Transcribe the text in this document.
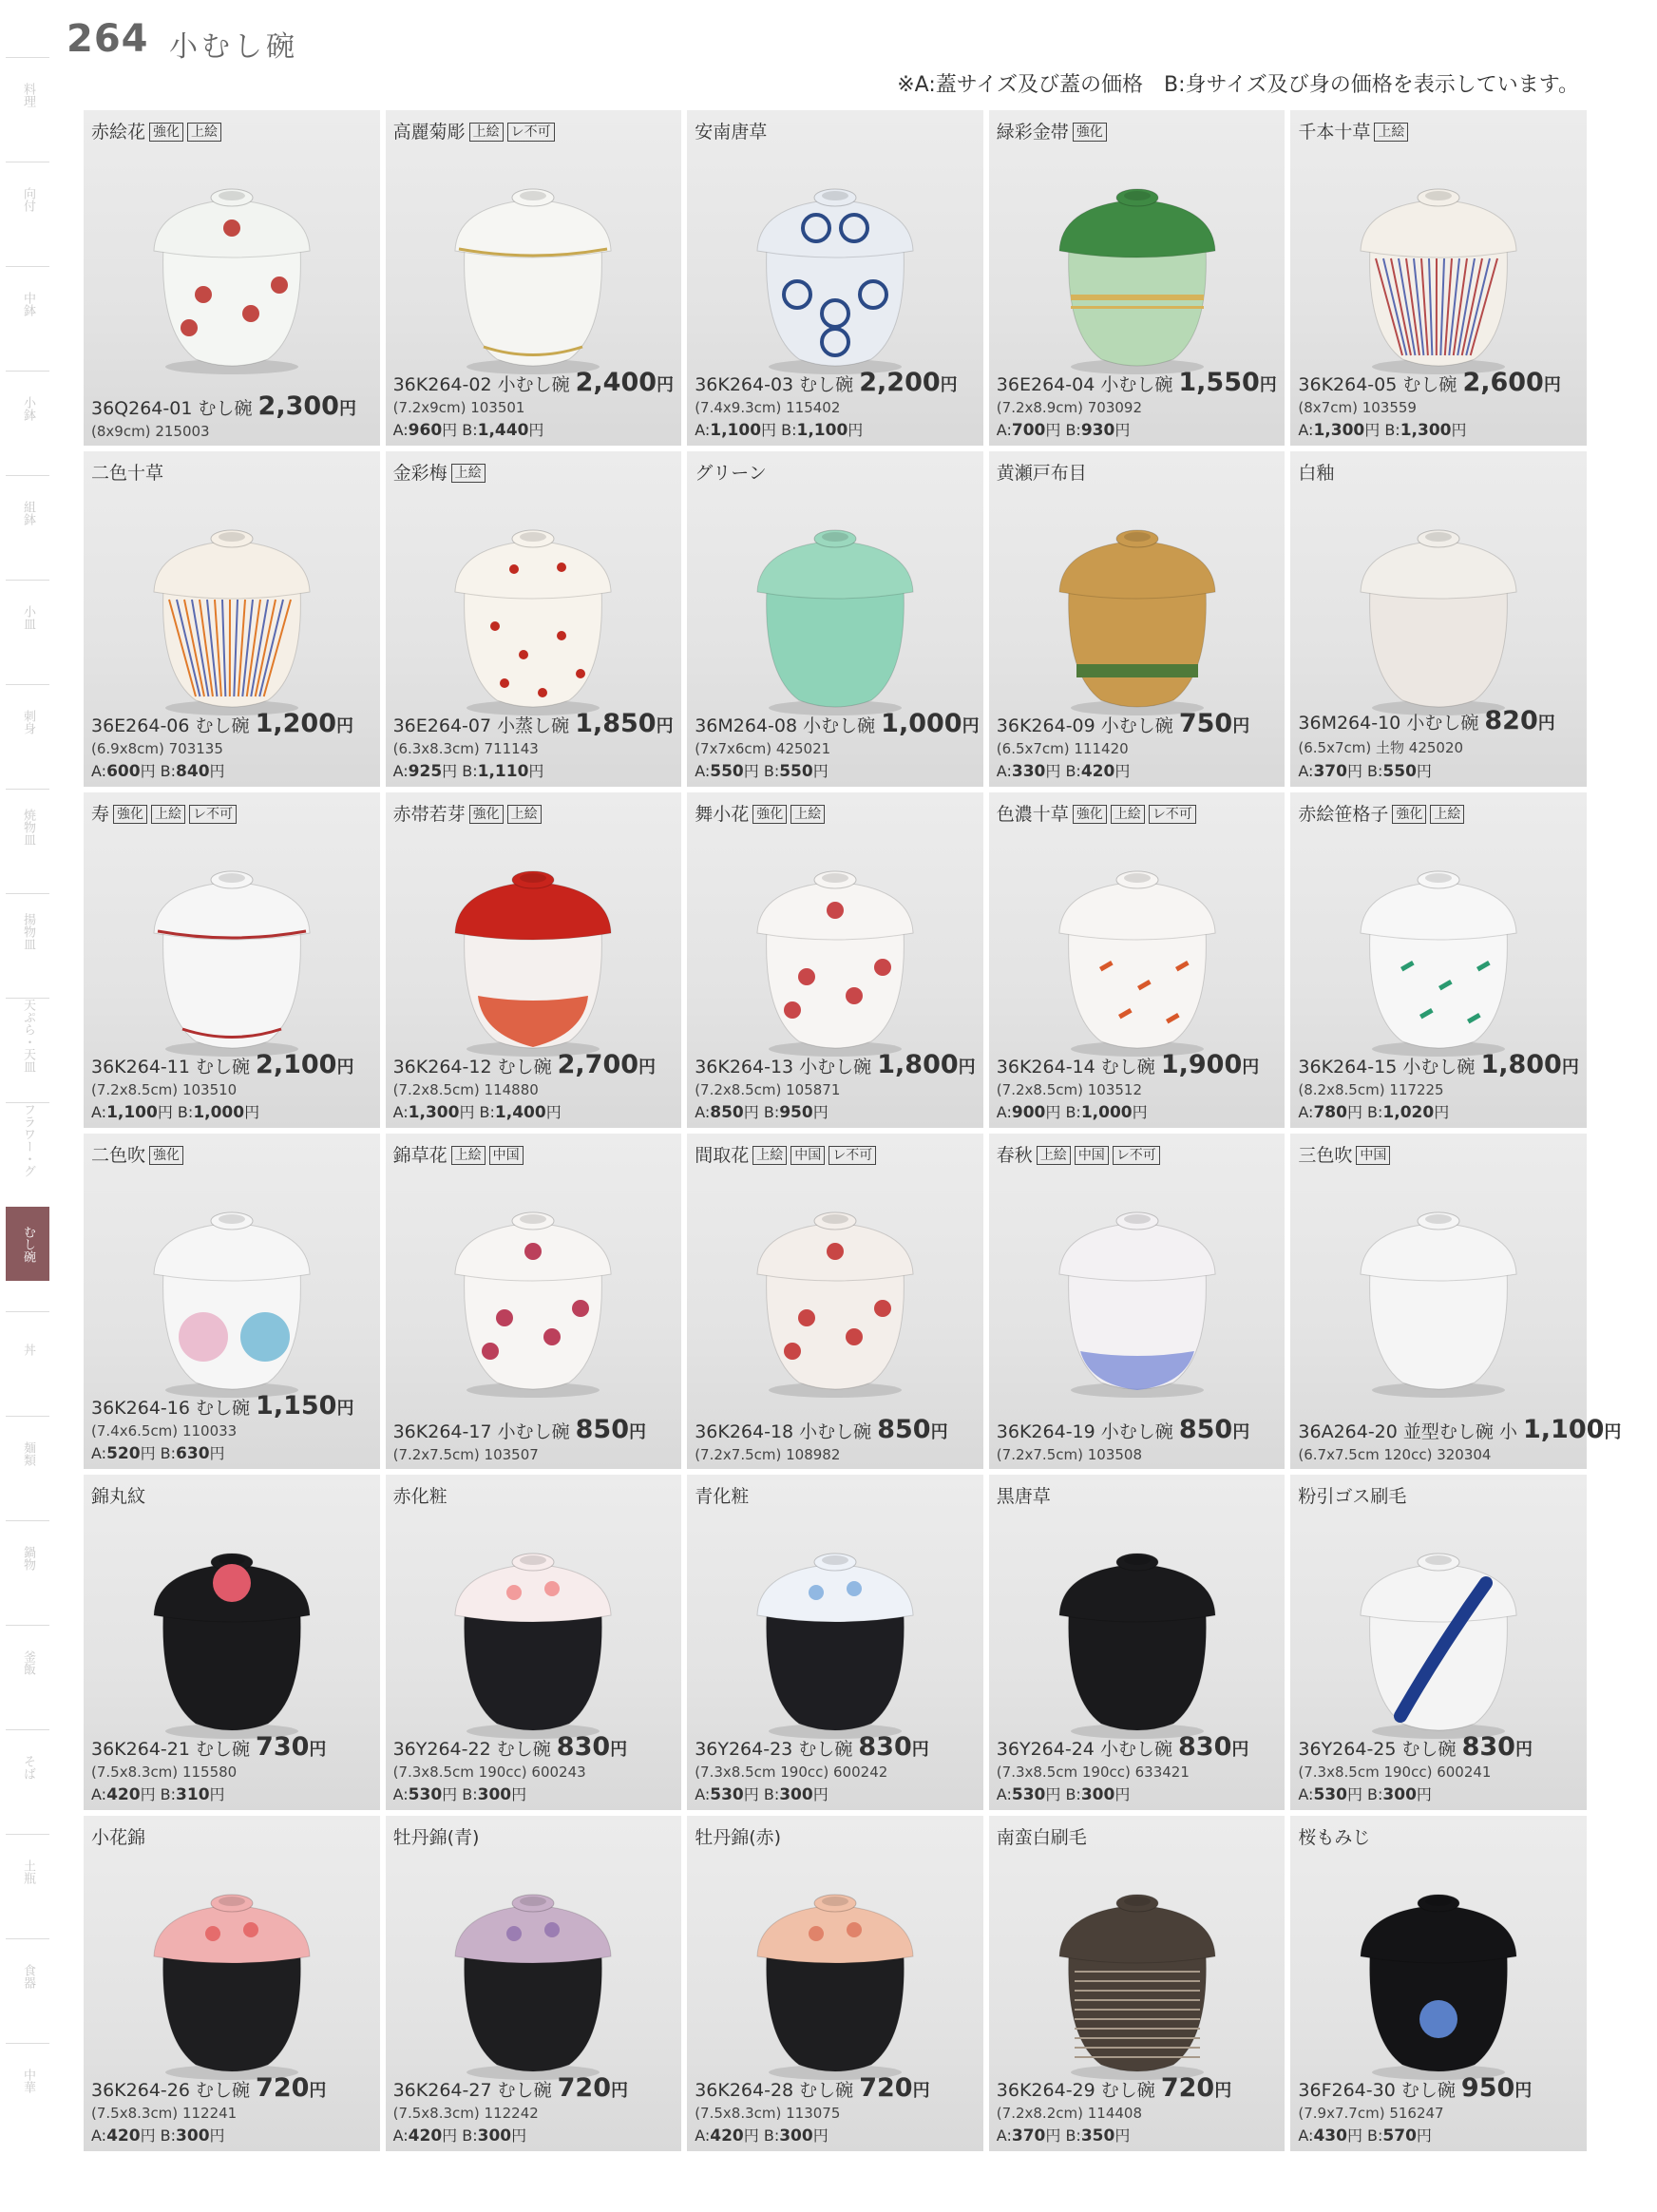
264 小むし碗
※A:蓋サイズ及び蓋の価格　B:身サイズ及び身の価格を表示しています。
料理
向付
中鉢
小鉢
組鉢
小皿
刺身
焼物皿
揚物皿
天ぷら・天皿
フラワー・グ
むし碗
丼
麺類
鍋物
釜飯
そば
土瓶
食器
中華
赤絵花 強化 上絵
36Q264-01 むし碗 2,300円
(8x9cm) 215003
高麗菊彫 上絵 レ不可
36K264-02 小むし碗 2,400円
(7.2x9cm) 103501
A:960円 B:1,440円
安南唐草
36K264-03 むし碗 2,200円
(7.4x9.3cm) 115402
A:1,100円 B:1,100円
緑彩金帯 強化
36E264-04 小むし碗 1,550円
(7.2x8.9cm) 703092
A:700円 B:930円
千本十草 上絵
36K264-05 むし碗 2,600円
(8x7cm) 103559
A:1,300円 B:1,300円
二色十草
36E264-06 むし碗 1,200円
(6.9x8cm) 703135
A:600円 B:840円
金彩梅 上絵
36E264-07 小蒸し碗 1,850円
(6.3x8.3cm) 711143
A:925円 B:1,110円
グリーン
36M264-08 小むし碗 1,000円
(7x7x6cm) 425021
A:550円 B:550円
黄瀬戸布目
36K264-09 小むし碗 750円
(6.5x7cm) 111420
A:330円 B:420円
白釉
36M264-10 小むし碗 820円
(6.5x7cm) 土物 425020
A:370円 B:550円
寿 強化 上絵 レ不可
36K264-11 むし碗 2,100円
(7.2x8.5cm) 103510
A:1,100円 B:1,000円
赤帯若芽 強化 上絵
36K264-12 むし碗 2,700円
(7.2x8.5cm) 114880
A:1,300円 B:1,400円
舞小花 強化 上絵
36K264-13 小むし碗 1,800円
(7.2x8.5cm) 105871
A:850円 B:950円
色濃十草 強化 上絵 レ不可
36K264-14 むし碗 1,900円
(7.2x8.5cm) 103512
A:900円 B:1,000円
赤絵笹格子 強化 上絵
36K264-15 小むし碗 1,800円
(8.2x8.5cm) 117225
A:780円 B:1,020円
二色吹 強化
36K264-16 むし碗 1,150円
(7.4x6.5cm) 110033
A:520円 B:630円
錦草花 上絵 中国
36K264-17 小むし碗 850円
(7.2x7.5cm) 103507
間取花 上絵 中国 レ不可
36K264-18 小むし碗 850円
(7.2x7.5cm) 108982
春秋 上絵 中国 レ不可
36K264-19 小むし碗 850円
(7.2x7.5cm) 103508
三色吹 中国
36A264-20 並型むし碗 小 1,100円
(6.7x7.5cm 120cc) 320304
錦丸紋
36K264-21 むし碗 730円
(7.5x8.3cm) 115580
A:420円 B:310円
赤化粧
36Y264-22 むし碗 830円
(7.3x8.5cm 190cc) 600243
A:530円 B:300円
青化粧
36Y264-23 むし碗 830円
(7.3x8.5cm 190cc) 600242
A:530円 B:300円
黒唐草
36Y264-24 小むし碗 830円
(7.3x8.5cm 190cc) 633421
A:530円 B:300円
粉引ゴス刷毛
36Y264-25 むし碗 830円
(7.3x8.5cm 190cc) 600241
A:530円 B:300円
小花錦
36K264-26 むし碗 720円
(7.5x8.3cm) 112241
A:420円 B:300円
牡丹錦(青)
36K264-27 むし碗 720円
(7.5x8.3cm) 112242
A:420円 B:300円
牡丹錦(赤)
36K264-28 むし碗 720円
(7.5x8.3cm) 113075
A:420円 B:300円
南蛮白刷毛
36K264-29 むし碗 720円
(7.2x8.2cm) 114408
A:370円 B:350円
桜もみじ
36F264-30 むし碗 950円
(7.9x7.7cm) 516247
A:430円 B:570円
